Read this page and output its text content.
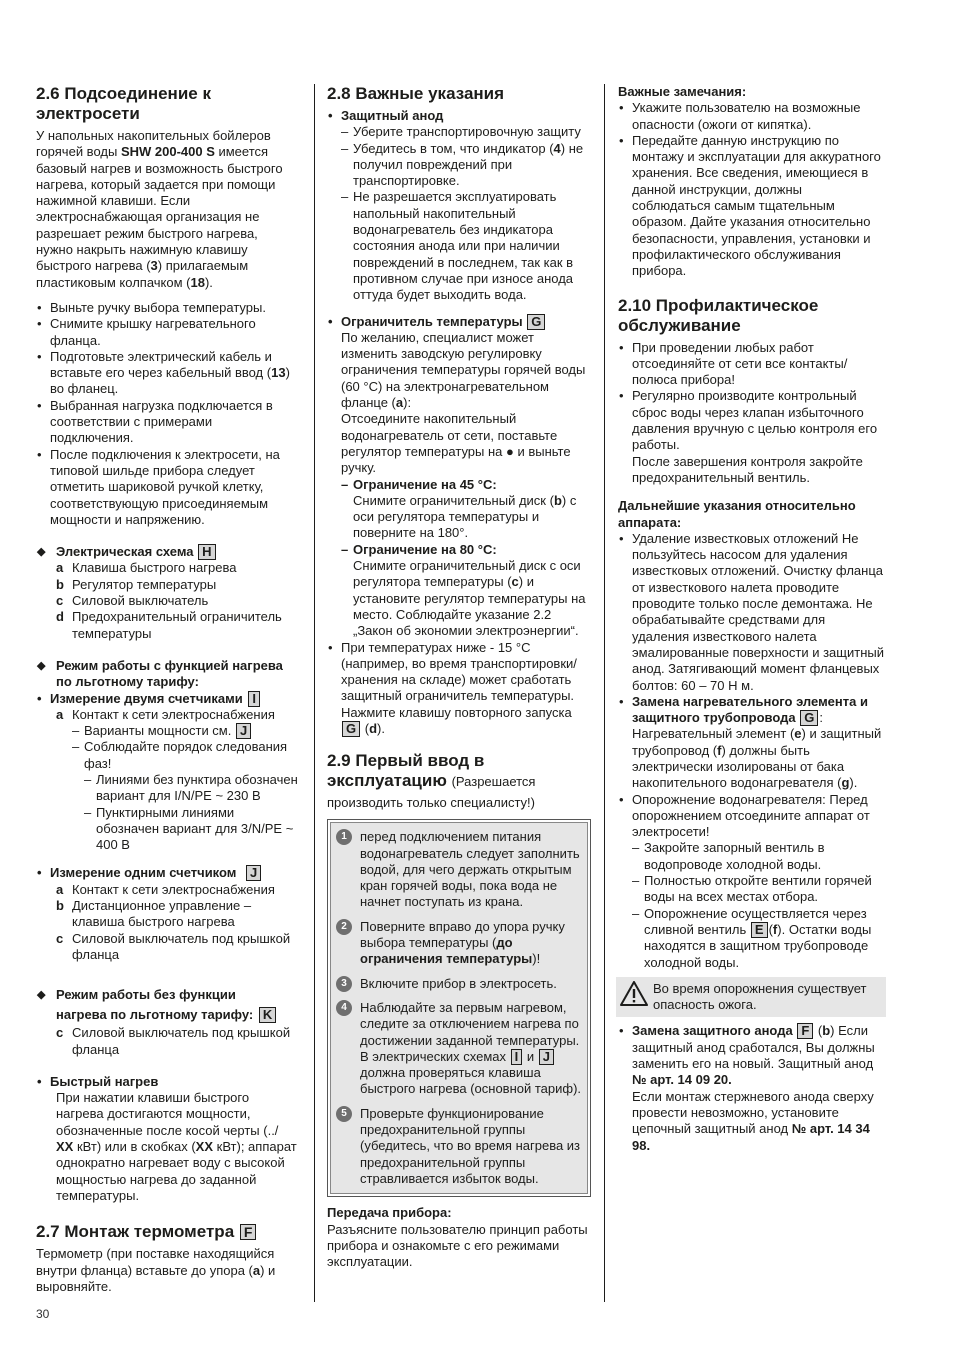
2.6 Подсоединение к электросети

У напольных накопительных бойлеров горячей воды SHW 200-400 S имеется базовый нагрев и возможность быстрого нагрева, который задается при помощи нажимной клавиши. Если электроснабжающая организация не разрешает режим быстрого нагрева, нужно накрыть нажимную клавишу быстрого нагрева (3) прилагаемым пластиковым колпачком (18).

• Выньте ручку выбора температуры.
• Снимите крышку нагревательного фланца.
• Подготовьте электрический кабель и вставьте его через кабельный ввод (13) во фланец.
• Выбранная нагрузка подключается в соответствии с примерами подключения.
• После подключения к электросети, на типовой шильде прибора следует отметить шариковой ручкой клетку, соответствующую присоединяемым мощности и напряжению.
◆ Электрическая схема H
a Клавиша быстрого нагрева
b Регулятор температуры
c Силовой выключатель
d Предохранительный ограничитель температуры
◆ Режим работы с функцией нагрева по льготному тарифу:
• Измерение двумя счетчиками I
a Контакт к сети электроснабжения
– Варианты мощности см. J
– Соблюдайте порядок следования фаз!
– Линиями без пунктира обозначен вариант для I/N/PE ~ 230 В
– Пунктирными линиями обозначен вариант для 3/N/PE ~ 400 В
• Измерение одним счетчиком J
a Контакт к сети электроснабжения
b Дистанционное управление – клавиша быстрого нагрева
c Силовой выключатель под крышкой фланца
◆ Режим работы без функции
нагрева по льготному тарифу: K
c Силовой выключатель под крышкой фланца
• Быстрый нагрев
При нажатии клавиши быстрого нагрева достигаются мощности, обозначенные после косой черты (../ XX кВт) или в скобках (XX кВт); аппарат однократно нагревает воду с высокой мощностью нагрева до заданной температуры.
2.7 Монтаж термометра F

Термометр (при поставке находящийся внутри фланца) вставьте до упора (a) и выровняйте.

2.8 Важные указания
• Защитный анод
– Уберите транспортировочную защиту
– Убедитесь в том, что индикатор (4) не получил повреждений при транспортировке.
– Не разрешается эксплуатировать напольный накопительный водонагреватель без индикатора состояния анода или при наличии повреждений в последнем, так как в противном случае при износе анода оттуда будет выходить вода.
• Ограничитель температуры G

По желанию, специалист может изменить заводскую регулировку ограничения температуры горячей воды (60 °C) на электронагревательном фланце (a):

Отсоедините накопительный водонагреватель от сети, поставьте регулятор температуры на ● и выньте ручку.

– Ограничение на 45 °C:

Снимите ограничительный диск (b) с оси регулятора температуры и поверните на 180°.

– Ограничение на 80 °C:

Снимите ограничительный диск с оси регулятора температуры (c) и установите регулятор температуры на место. Соблюдайте указание 2.2 „Закон об экономии электроэнергии“.

• При температурах ниже - 15 °C (например, во время транспортировки/хранения на складе) может сработать защитный ограничитель температуры. Нажмите клавишу повторного запуска G (d).
2.9 Первый ввод в эксплуатацию (Разрешается производить только специалисту!)
1	перед подключением питания водонагреватель следует заполнить водой, для чего держать открытым кран горячей воды, пока вода не начнет поступать из крана.
2	Поверните вправо до упора ручку выбора температуры (до ограничения температуры)!
3	Включите прибор в электросеть.
4	Наблюдайте за первым нагревом, следите за отключением нагрева по достижении заданной температуры. В электрических схемах I и J должна проверяться клавиша быстрого нагрева (основной тариф).
5	Проверьте функционирование предохранительной группы (убедитесь, что во время нагрева из предохранительной группы стравливается избыток воды.

Передача прибора:

Разъясните пользователю принцип работы прибора и ознакомьте с его режимами эксплуатации.

Важные замечания:

• Укажите пользователю на возможные опасности (ожоги от кипятка).
• Передайте данную инструкцию по монтажу и эксплуатации для аккуратного хранения. Все сведения, имеющиеся в данной инструкции, должны соблюдаться самым тщательным образом. Дайте указания относительно безопасности, управления, установки и профилактического обслуживания прибора.
2.10 Профилактическое обслуживание
• При проведении любых работ отсоединяйте от сети все контакты/ полюса прибора!
• Регулярно производите контрольный сброс воды через клапан избыточного давления вручную с целью контроля его работы.

После завершения контроля закройте предохранительный вентиль.

Дальнейшие указания относительно аппарата:

• Удаление известковых отложений Не пользуйтесь насосом для удаления известковых отложений. Очистку фланца от известкового налета проводите проводите только после демонтажа. Не обрабатывайте средствами для удаления известкового налета эмалированные поверхности и защитный анод. Затягивающий момент фланцевых болтов: 60 – 70 Н м.
• Замена нагревательного элемента и защитного трубопровода G :
Нагревательный элемент (e) и защитный трубопровод (f) должны быть электрически изолированы от бака накопительного водонагревателя (g).
• Опорожнение водонагревателя: Перед опорожнением отсоедините аппарат от электросети!
– Закройте запорный вентиль в водопроводе холодной воды.
– Полностью откройте вентили горячей воды на всех местах отбора.
– Опорожнение осуществляется через сливной вентиль E (f). Остатки воды находятся в защитном трубопроводе холодной воды.
Во время опорожнения существует опасность ожога.
• Замена защитного анода F (b) Если защитный анод сработался, Вы должны заменить его на новый. Защитный анод
№ арт. 14 09 20.
Если монтаж стержневого анода сверху провести невозможно, установите цепочный защитный анод № арт. 14 34 98.
30
